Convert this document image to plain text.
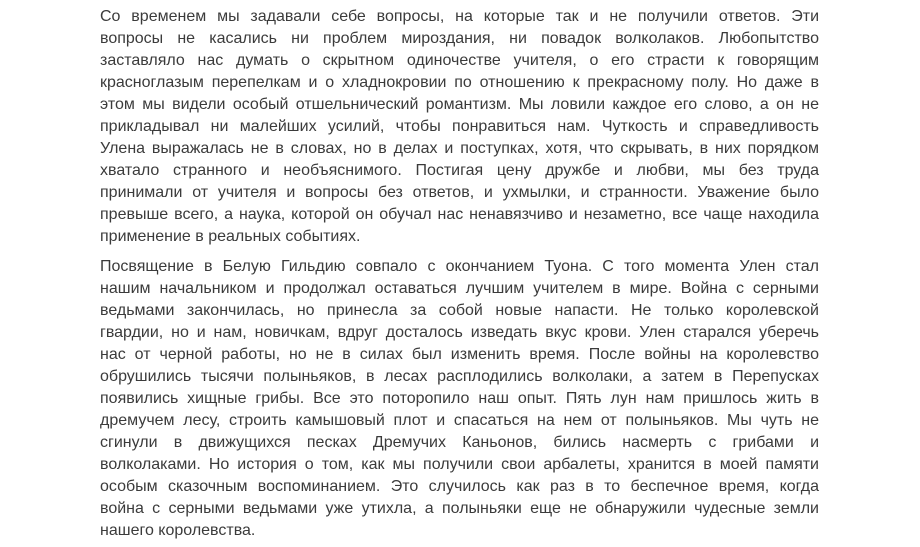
Со временем мы задавали себе вопросы, на которые так и не получили ответов. Эти
вопросы не касались ни проблем мироздания, ни повадок волколаков. Любопытство
заставляло нас думать о скрытном одиночестве учителя, о его страсти к говорящим
красноглазым перепелкам и о хладнокровии по отношению к прекрасному полу. Но даже в
этом мы видели особый отшельнический романтизм. Мы ловили каждое его слово, а он не
прикладывал ни малейших усилий, чтобы понравиться нам. Чуткость и справедливость
Улена выражалась не в словах, но в делах и поступках, хотя, что скрывать, в них порядком
хватало странного и необъяснимого. Постигая цену дружбе и любви, мы без труда
принимали от учителя и вопросы без ответов, и ухмылки, и странности. Уважение было
превыше всего, а наука, которой он обучал нас ненавязчиво и незаметно, все чаще находила
применение в реальных событиях.
Посвящение в Белую Гильдию совпало с окончанием Туона. С того момента Улен стал
нашим начальником и продолжал оставаться лучшим учителем в мире. Война с серными
ведьмами закончилась, но принесла за собой новые напасти. Не только королевской
гвардии, но и нам, новичкам, вдруг досталось изведать вкус крови. Улен старался уберечь
нас от черной работы, но не в силах был изменить время. После войны на королевство
обрушились тысячи полыньяков, в лесах расплодились волколаки, а затем в Перепусках
появились хищные грибы. Все это поторопило наш опыт. Пять лун нам пришлось жить в
дремучем лесу, строить камышовый плот и спасаться на нем от полыньяков. Мы чуть не
сгинули в движущихся песках Дремучих Каньонов, бились насмерть с грибами и
волколаками. Но история о том, как мы получили свои арбалеты, хранится в моей памяти
особым сказочным воспоминанием. Это случилось как раз в то беспечное время, когда
война с серными ведьмами уже утихла, а полыньяки еще не обнаружили чудесные земли
нашего королевства.
